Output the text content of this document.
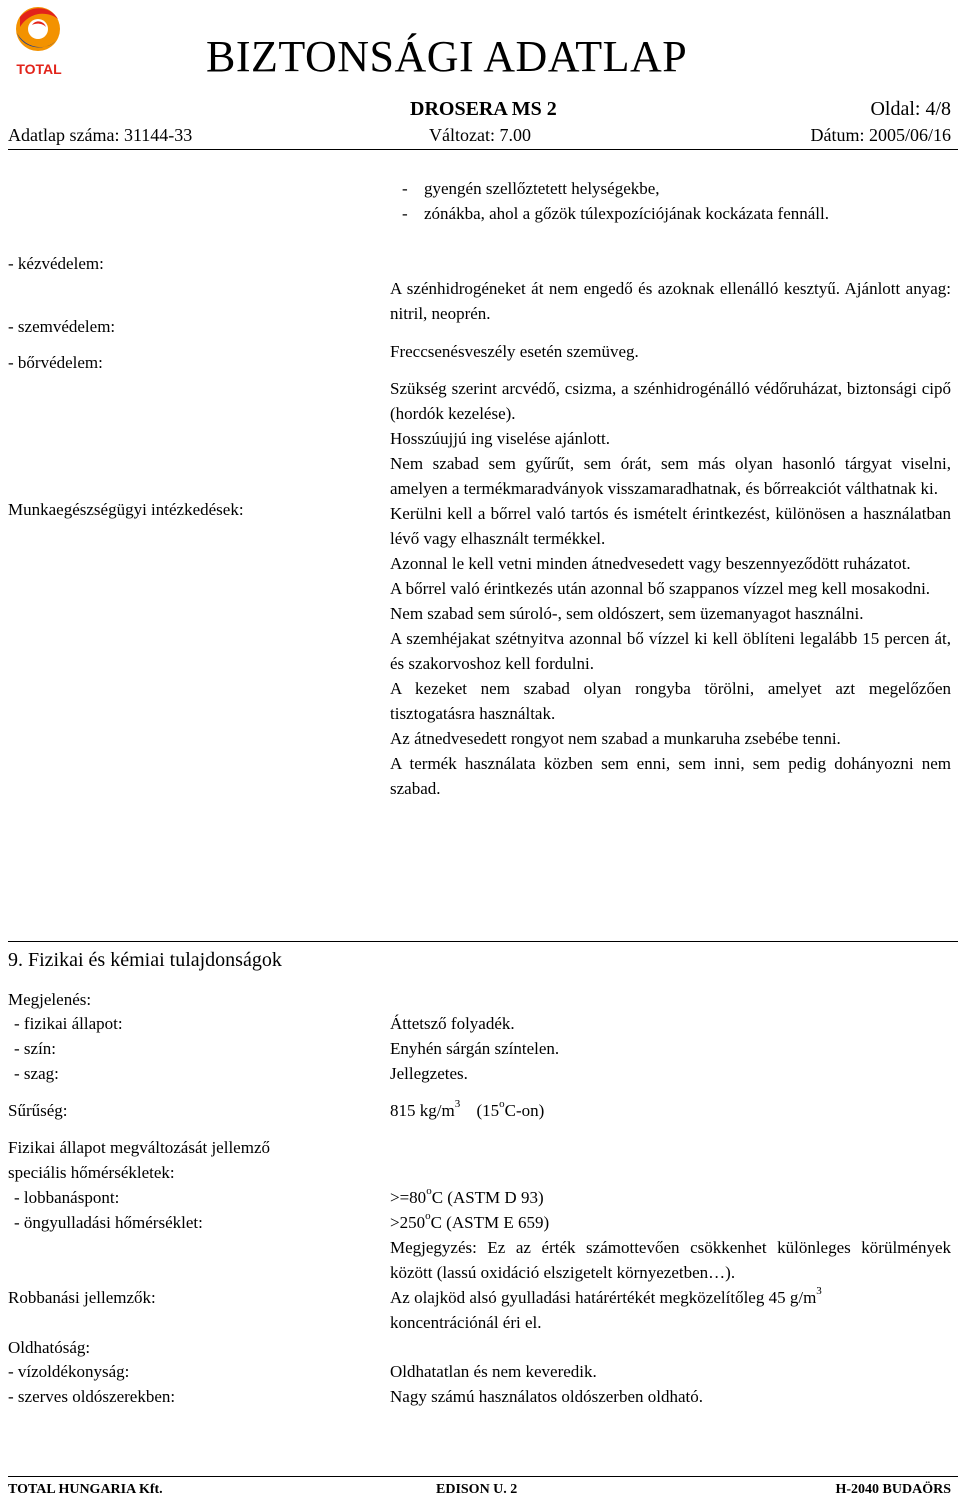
TOTAL	BIZTONSÁGI ADATLAP
DROSERA MS 2	Oldal: 4/8
Adatlap száma: 31144-33	Változat: 7.00	Dátum: 2005/06/16
- gyengén szellőztetett helységekbe,
- zónákba, ahol a gőzök túlexpozíciójának kockázata fennáll.
- kézvédelem:
A szénhidrogéneket át nem engedő és azoknak ellenálló kesztyű. Ajánlott anyag: nitril, neoprén.
- szemvédelem:
Freccsenésveszély esetén szemüveg.
- bőrvédelem:
Szükség szerint arcvédő, csizma, a szénhidrogénálló védőruházat, biztonsági cipő (hordók kezelése).
Munkaegészségügyi intézkedések:

Hosszúujjú ing viselése ajánlott.

Nem szabad sem gyűrűt, sem órát, sem más olyan hasonló tárgyat viselni, amelyen a termékmaradványok visszamaradhatnak, és bőrreakciót válthatnak ki.

Kerülni kell a bőrrel való tartós és ismételt érintkezést, különösen a használatban lévő vagy elhasznált termékkel.

Azonnal le kell vetni minden átnedvesedett vagy beszennyeződött ruházatot.

A bőrrel való érintkezés után azonnal bő szappanos vízzel meg kell mosakodni.

Nem szabad sem súroló-, sem oldószert, sem üzemanyagot használni.

A szemhéjakat szétnyitva azonnal bő vízzel ki kell öblíteni legalább 15 percen át, és szakorvoshoz kell fordulni.

A kezeket nem szabad olyan rongyba törölni, amelyet azt megelőzően tisztogatásra használtak.

Az átnedvesedett rongyot nem szabad a munkaruha zsebébe tenni.

A termék használata közben sem enni, sem inni, sem pedig dohányozni nem szabad.

9. Fizikai és kémiai tulajdonságok
Megjelenés:
- fizikai állapot:	Áttetsző folyadék.
- szín:	Enyhén sárgán színtelen.
- szag:	Jellegzetes.
Sűrűség:	815 $kg/m^3$ (15$^o$C-on)
Fizikai állapot megváltozását jellemző
speciális hőmérsékletek:
- lobbanáspont:	$>=80^oC$ (ASTM D 93)
- öngyulladási hőmérséklet:	$>250^oC$ (ASTM E 659)
Megjegyzés: Ez az érték számottevően csökkenhet különleges körülmények között (lassú oxidáció elszigetelt környezetben…).
Robbanási jellemzők:	Az olajköd alsó gyulladási határértékét megközelítőleg 45 $g/m^3$
koncentrációnál éri el.
Oldhatóság:
- vízoldékonyság:	Oldhatatlan és nem keveredik.
- szerves oldószerekben:	Nagy számú használatos oldószerben oldható.
TOTAL HUNGARIA Kft.	EDISON U. 2	H-2040 BUDAÖRS
